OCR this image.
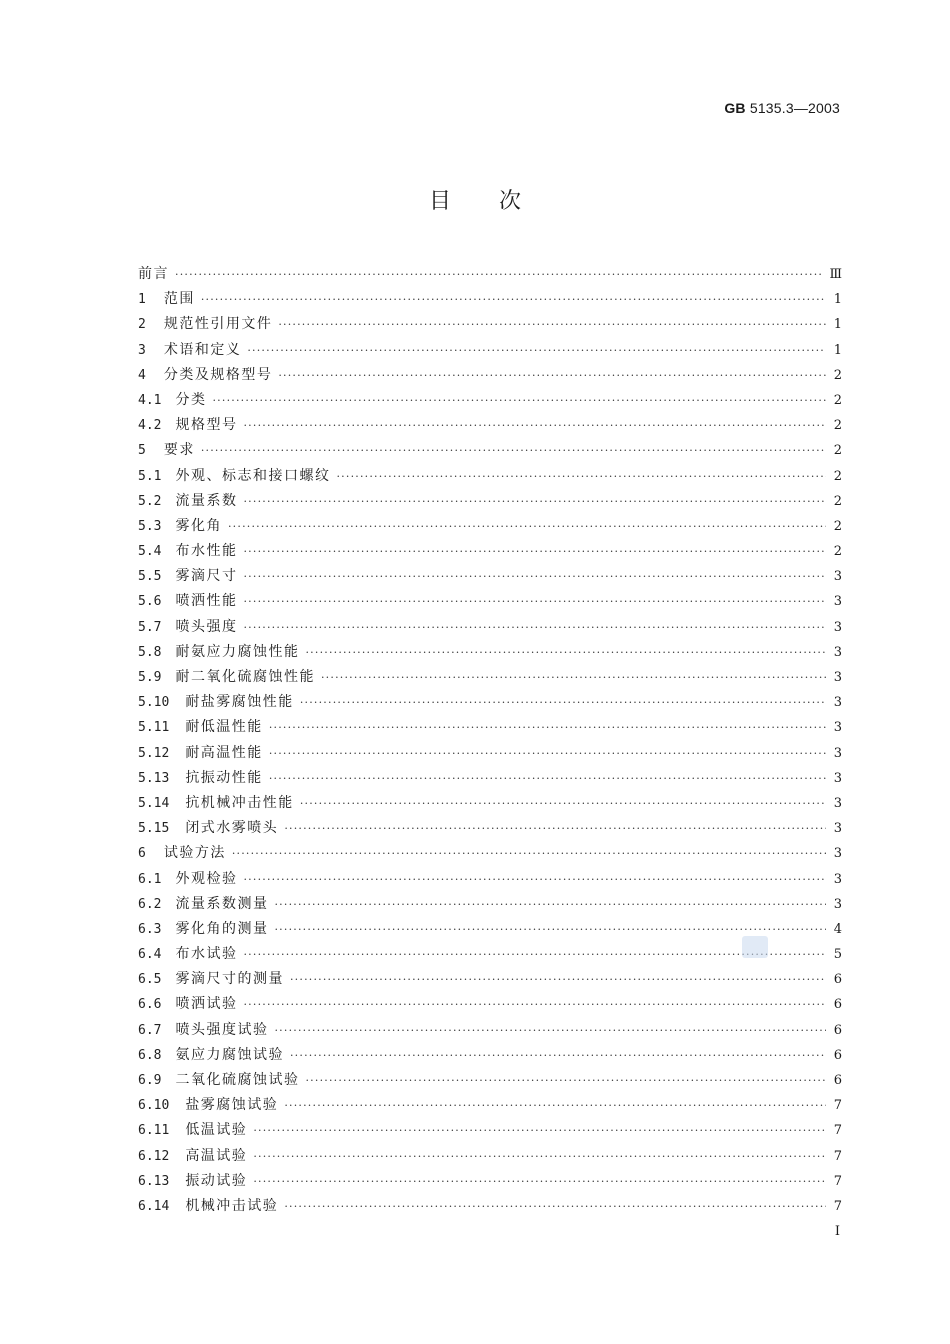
GB 5135.3—2003
目次
前言 ·····	Ⅲ
1 范围 ·····	1
2 规范性引用文件 ·····	1
3 术语和定义 ·····	1
4 分类及规格型号 ·····	2
4.1 分类 ·····	2
4.2 规格型号 ·····	2
5 要求 ·····	2
5.1 外观、标志和接口螺纹 ·····	2
5.2 流量系数 ·····	2
5.3 雾化角 ·····	2
5.4 布水性能 ·····	2
5.5 雾滴尺寸 ·····	3
5.6 喷洒性能 ·····	3
5.7 喷头强度 ·····	3
5.8 耐氨应力腐蚀性能 ·····	3
5.9 耐二氧化硫腐蚀性能 ·····	3
5.10 耐盐雾腐蚀性能 ·····	3
5.11 耐低温性能 ·····	3
5.12 耐高温性能 ·····	3
5.13 抗振动性能 ·····	3
5.14 抗机械冲击性能 ·····	3
5.15 闭式水雾喷头 ·····	3
6 试验方法 ·····	3
6.1 外观检验 ·····	3
6.2 流量系数测量 ·····	3
6.3 雾化角的测量 ·····	4
6.4 布水试验 ·····	5
6.5 雾滴尺寸的测量 ·····	6
6.6 喷洒试验 ·····	6
6.7 喷头强度试验 ·····	6
6.8 氨应力腐蚀试验 ·····	6
6.9 二氧化硫腐蚀试验 ·····	6
6.10 盐雾腐蚀试验 ·····	7
6.11 低温试验 ·····	7
6.12 高温试验 ·····	7
6.13 振动试验 ·····	7
6.14 机械冲击试验 ·····	7
I
